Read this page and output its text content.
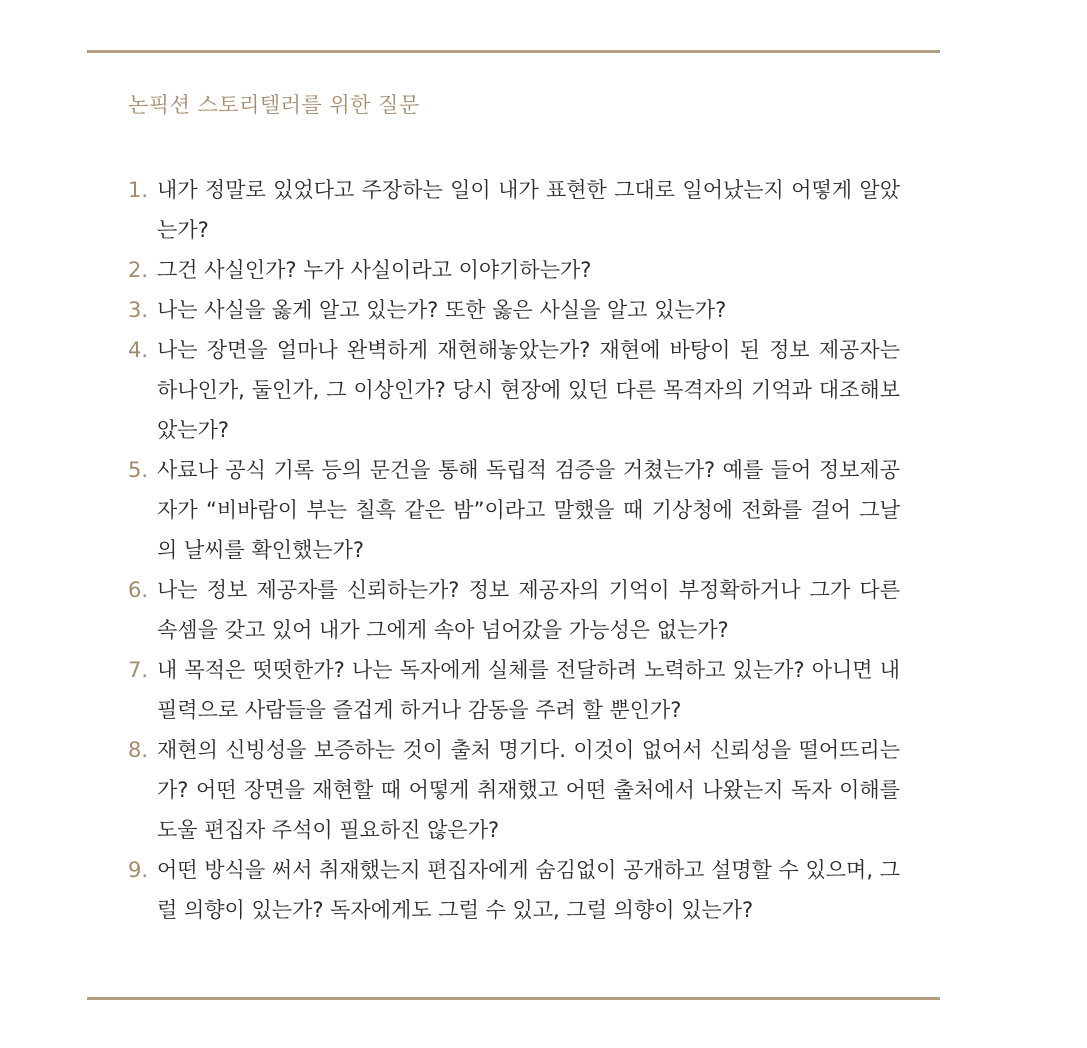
논픽션 스토리텔러를 위한 질문
1. 내가 정말로 있었다고 주장하는 일이 내가 표현한 그대로 일어났는지 어떻게 알았는가?
2. 그건 사실인가? 누가 사실이라고 이야기하는가?
3. 나는 사실을 옳게 알고 있는가? 또한 옳은 사실을 알고 있는가?
4. 나는 장면을 얼마나 완벽하게 재현해놓았는가? 재현에 바탕이 된 정보 제공자는 하나인가, 둘인가, 그 이상인가? 당시 현장에 있던 다른 목격자의 기억과 대조해보았는가?
5. 사료나 공식 기록 등의 문건을 통해 독립적 검증을 거쳤는가? 예를 들어 정보제공자가 “비바람이 부는 칠흑 같은 밤”이라고 말했을 때 기상청에 전화를 걸어 그날의 날씨를 확인했는가?
6. 나는 정보 제공자를 신뢰하는가? 정보 제공자의 기억이 부정확하거나 그가 다른 속셈을 갖고 있어 내가 그에게 속아 넘어갔을 가능성은 없는가?
7. 내 목적은 떳떳한가? 나는 독자에게 실체를 전달하려 노력하고 있는가? 아니면 내 필력으로 사람들을 즐겁게 하거나 감동을 주려 할 뿐인가?
8. 재현의 신빙성을 보증하는 것이 출처 명기다. 이것이 없어서 신뢰성을 떨어뜨리는가? 어떤 장면을 재현할 때 어떻게 취재했고 어떤 출처에서 나왔는지 독자 이해를 도울 편집자 주석이 필요하진 않은가?
9. 어떤 방식을 써서 취재했는지 편집자에게 숨김없이 공개하고 설명할 수 있으며, 그럴 의향이 있는가? 독자에게도 그럴 수 있고, 그럴 의향이 있는가?
